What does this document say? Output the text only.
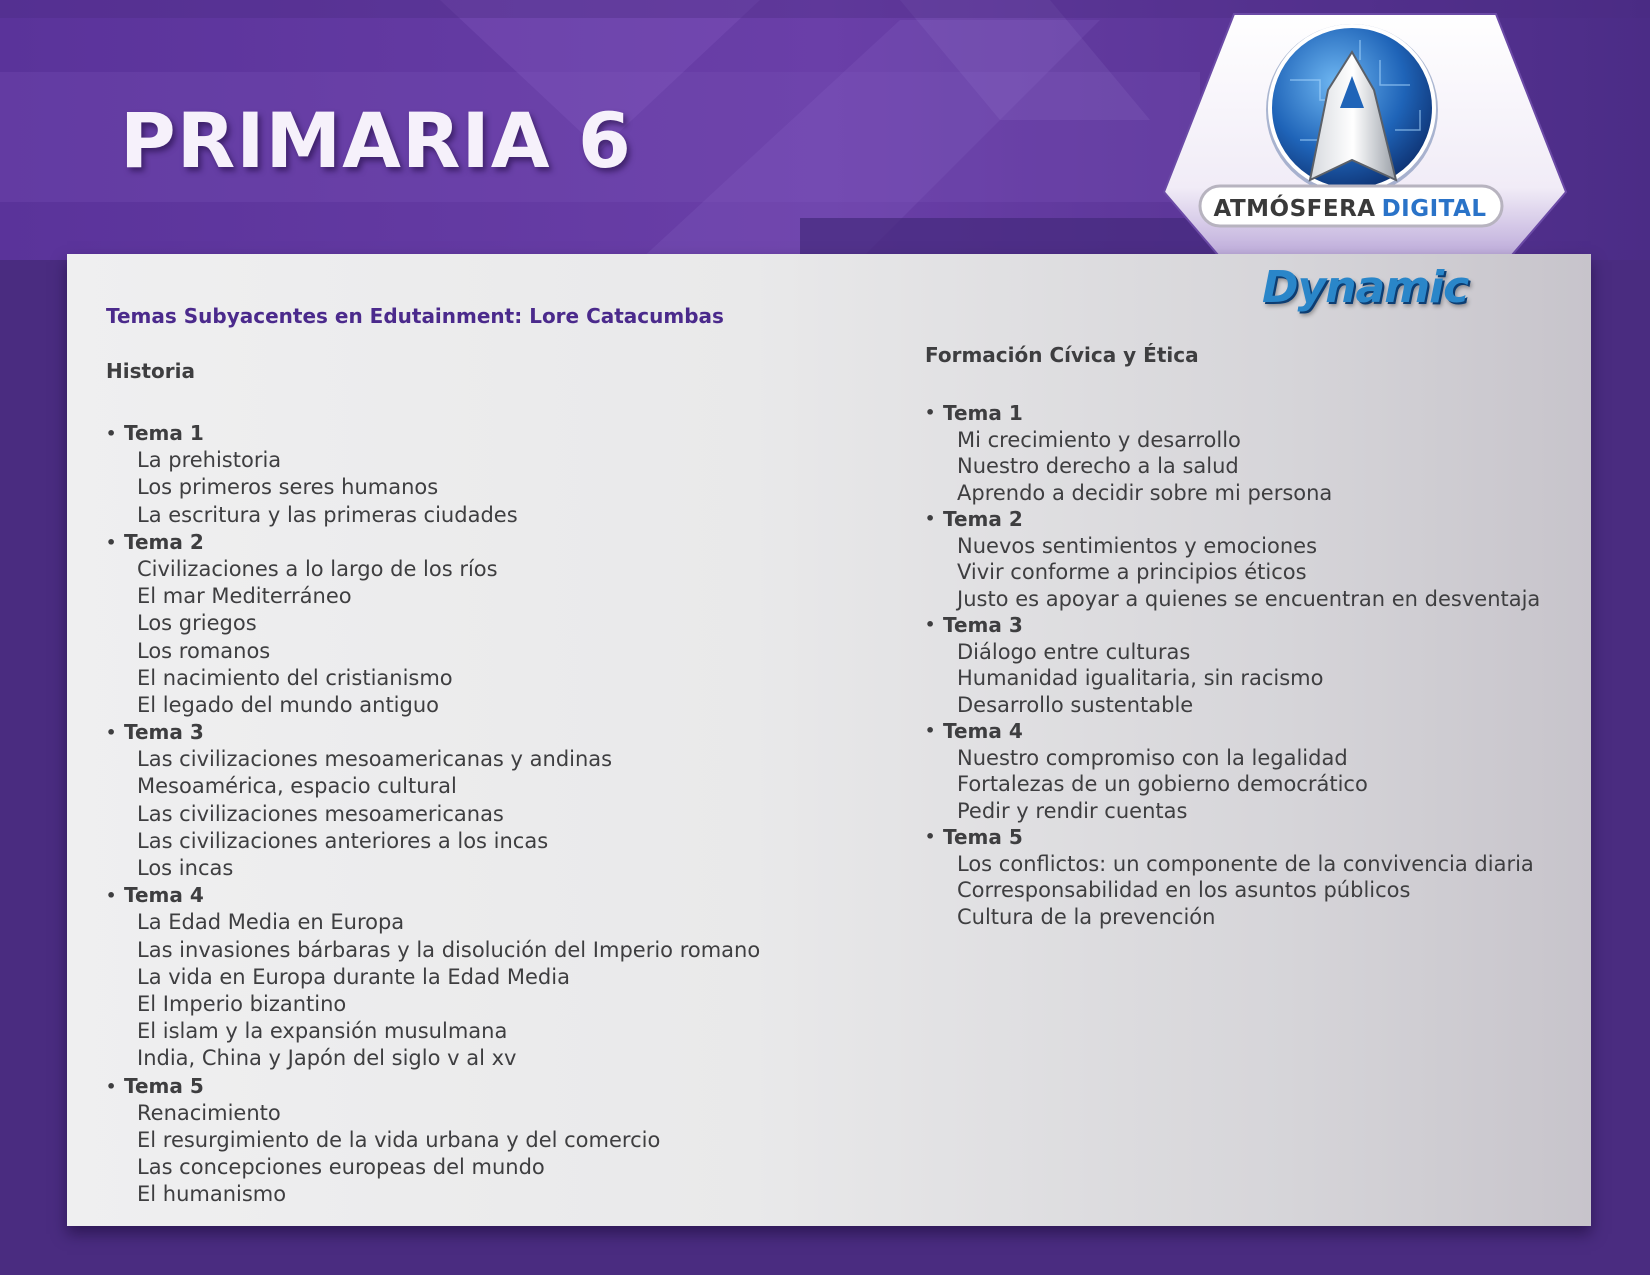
ATMÓSFERA DIGITAL
PRIMARIA 6
Dynamic
Temas Subyacentes en Edutainment: Lore Catacumbas
Historia
• Tema 1
La prehistoria
Los primeros seres humanos
La escritura y las primeras ciudades
• Tema 2
Civilizaciones a lo largo de los ríos
El mar Mediterráneo
Los griegos
Los romanos
El nacimiento del cristianismo
El legado del mundo antiguo
• Tema 3
Las civilizaciones mesoamericanas y andinas
Mesoamérica, espacio cultural
Las civilizaciones mesoamericanas
Las civilizaciones anteriores a los incas
Los incas
• Tema 4
La Edad Media en Europa
Las invasiones bárbaras y la disolución del Imperio romano
La vida en Europa durante la Edad Media
El Imperio bizantino
El islam y la expansión musulmana
India, China y Japón del siglo v al xv
• Tema 5
Renacimiento
El resurgimiento de la vida urbana y del comercio
Las concepciones europeas del mundo
El humanismo
Formación Cívica y Ética
• Tema 1
Mi crecimiento y desarrollo
Nuestro derecho a la salud
Aprendo a decidir sobre mi persona
• Tema 2
Nuevos sentimientos y emociones
Vivir conforme a principios éticos
Justo es apoyar a quienes se encuentran en desventaja
• Tema 3
Diálogo entre culturas
Humanidad igualitaria, sin racismo
Desarrollo sustentable
• Tema 4
Nuestro compromiso con la legalidad
Fortalezas de un gobierno democrático
Pedir y rendir cuentas
• Tema 5
Los conflictos: un componente de la convivencia diaria
Corresponsabilidad en los asuntos públicos
Cultura de la prevención
